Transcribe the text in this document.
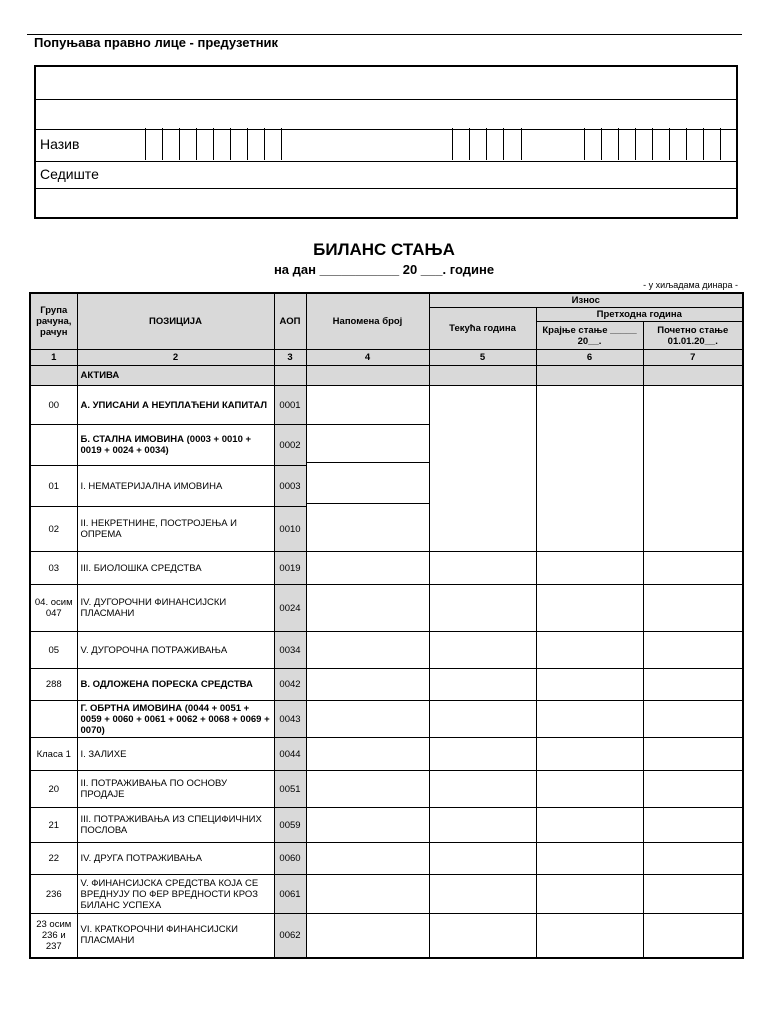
Попуњава правно лице - предузетник
Назив
Седиште
БИЛАНС СТАЊА
на дан ___________ 20 ___. године
- у хиљадама динара -
Група рачуна, рачун	ПОЗИЦИЈА	АОП	Напомена број	Износ		
				Текућа година	Претходна година	
					Крајње стање _____ 20__.	Почетно стање 01.01.20__.
1	2	3	4	5	6	7
	АКТИВА					
00	А. УПИСАНИ А НЕУПЛАЋЕНИ КАПИТАЛ	0001	

	Б. СТАЛНА ИМОВИНА (0003 + 0010 + 0019 + 0024 + 0034)	0002				
01	I. НЕМАТЕРИЈАЛНА ИМОВИНА	0003				
02	II. НЕКРЕТНИНЕ, ПОСТРОЈЕЊА И ОПРЕМА	0010				
03	III. БИОЛОШКА СРЕДСТВА	0019				
04. осим 047	IV. ДУГОРОЧНИ ФИНАНСИЈСКИ ПЛАСМАНИ	0024				
05	V. ДУГОРОЧНА ПОТРАЖИВАЊА	0034				
288	В. ОДЛОЖЕНА ПОРЕСКА СРЕДСТВА	0042				
	Г. ОБРТНА ИМОВИНА (0044 + 0051 + 0059 + 0060 + 0061 + 0062 + 0068 + 0069 + 0070)	0043				
Класа 1	I. ЗАЛИХЕ	0044				
20	II. ПОТРАЖИВАЊА ПО ОСНОВУ ПРОДАЈЕ	0051				
21	III. ПОТРАЖИВАЊА ИЗ СПЕЦИФИЧНИХ ПОСЛОВА	0059				
22	IV. ДРУГА ПОТРАЖИВАЊА	0060				
236	V. ФИНАНСИЈСКА СРЕДСТВА КОЈА СЕ ВРЕДНУЈУ ПО ФЕР ВРЕДНОСТИ КРОЗ БИЛАНС УСПЕХА	0061				
23 осим 236 и 237	VI. КРАТКОРОЧНИ ФИНАНСИЈСКИ ПЛАСМАНИ	0062				
